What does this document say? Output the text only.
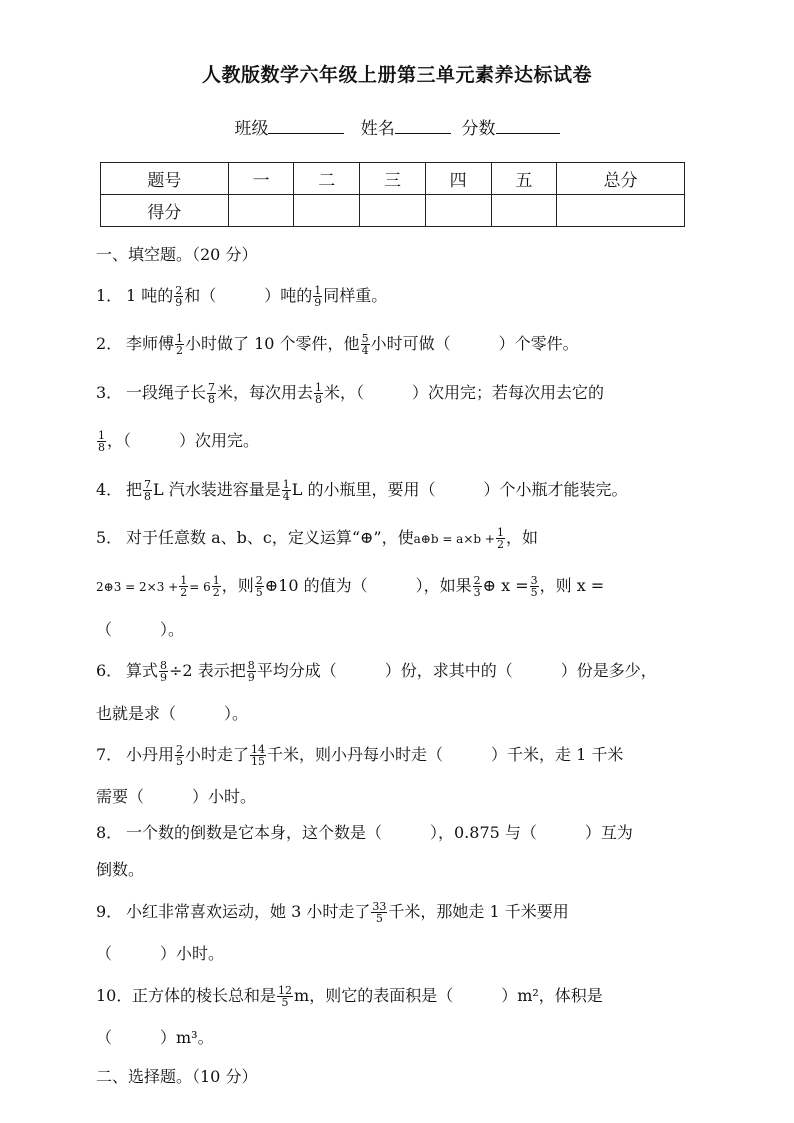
人教版数学六年级上册第三单元素养达标试卷
班级	姓名	分数
题号	一	二	三	四	五	总分
得分						
一、填空题。（20 分）
1． 1 吨的 $\frac{2}{9}$ 和（　　　）吨的 $\frac{1}{9}$ 同样重。
2． 李师傅 $\frac{1}{2}$ 小时做了 10 个零件，他 $\frac{5}{4}$ 小时可做（　　　）个零件。
3． 一段绳子长 $\frac{7}{8}$ 米，每次用去 $\frac{1}{8}$ 米，（　　　）次用完；若每次用去它的
$\frac{1}{8}$ ，（　　　）次用完。
4． 把 $\frac{7}{8}$ L 汽水装进容量是 $\frac{1}{4}$ L 的小瓶里，要用（　　　）个小瓶才能装完。
5． 对于任意数 a、b、c，定义运算“⊕”，使a⊕b = $a\times b + \frac{1}{2}$ ，如
2⊕3 = $2\times 3 + \frac{1}{2} = 6 \frac{1}{2}$ ，则 $\frac{2}{5}$ ⊕10 的值为（　　　），如果 $\frac{2}{3}$ ⊕ $x = \frac{3}{5}$ ，则 x =
（　　　）。
6． 算式 $\frac{8}{9} \div 2$ 表示把 $\frac{8}{9}$ 平均分成（　　　）份，求其中的（　　　）份是多少，
也就是求（　　　）。
7． 小丹用 $\frac{2}{5}$ 小时走了 $\frac{14}{15}$ 千米，则小丹每小时走（　　　）千米，走 1 千米
需要（　　　）小时。
8． 一个数的倒数是它本身，这个数是（　　　），0.875 与（　　　）互为
倒数。
9． 小红非常喜欢运动，她 3 小时走了 $\frac{33}{5}$ 千米，那她走 1 千米要用
（　　　）小时。
10．正方体的棱长总和是 $\frac{12}{5}$ m，则它的表面积是（　　　）m²，体积是
（　　　）m³。
二、选择题。（10 分）
